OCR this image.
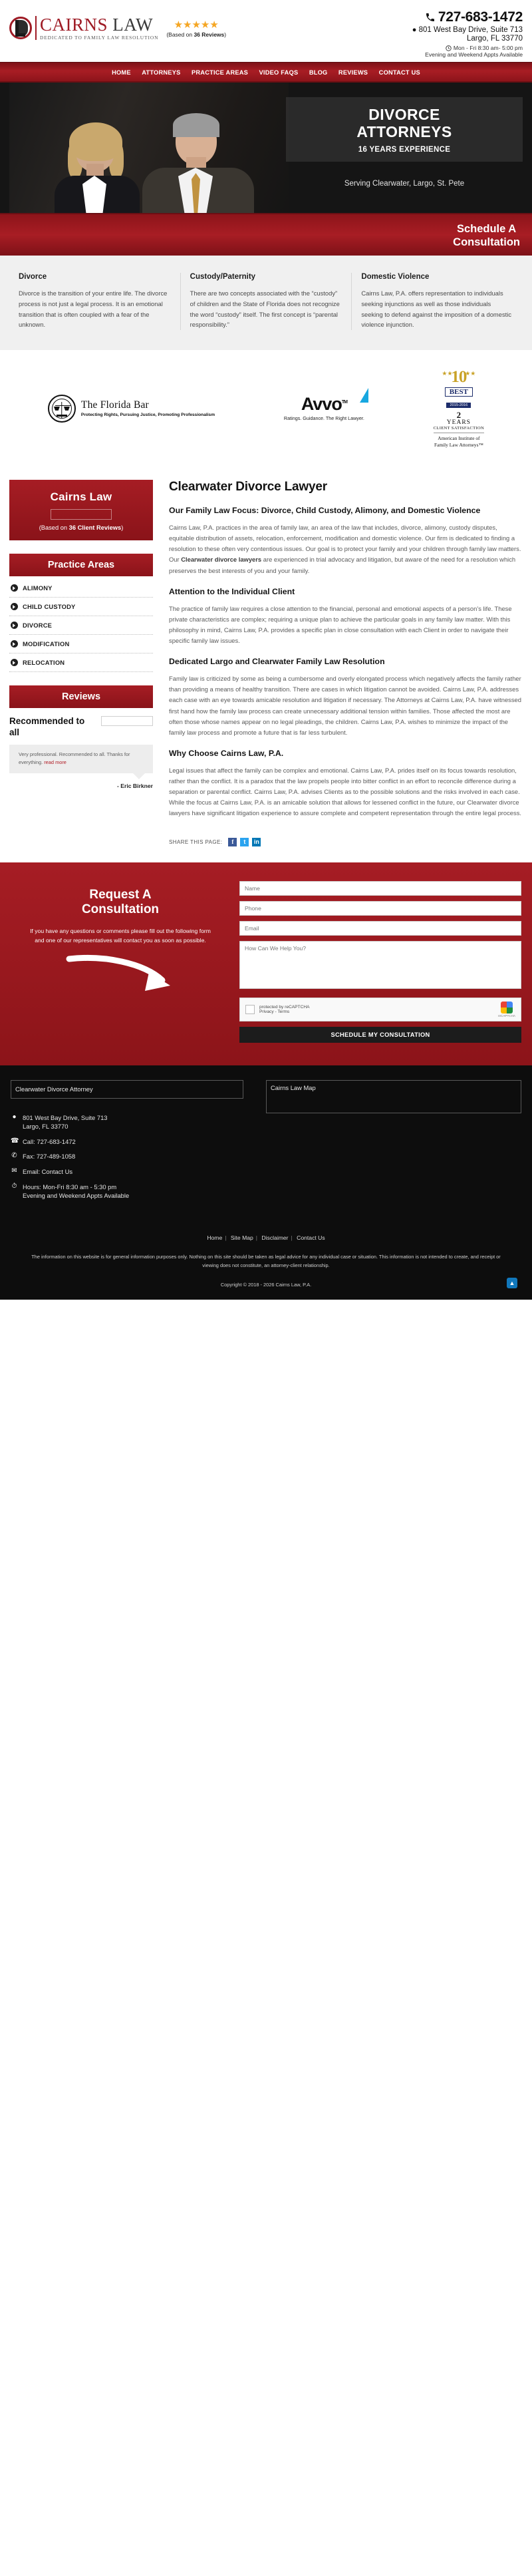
CAIRNS LAW
DEDICATED TO FAMILY LAW RESOLUTION
★★★★★
(Based on 36 Reviews)
727-683-1472
● 801 West Bay Drive, Suite 713
Largo, FL 33770
Mon - Fri 8:30 am- 5:00 pm
Evening and Weekend Appts Available
HOME ATTORNEYS PRACTICE AREAS VIDEO FAQS BLOG REVIEWS CONTACT US
DIVORCE
ATTORNEYS
16 YEARS EXPERIENCE
Serving Clearwater, Largo, St. Pete
Schedule A
Consultation
Divorce

Divorce is the transition of your entire life. The divorce process is not just a legal process. It is an emotional transition that is often coupled with a fear of the unknown.

Custody/Paternity

There are two concepts associated with the “custody” of children and the State of Florida does not recognize the word “custody” itself. The first concept is “parental responsibility.”

Domestic Violence

Cairns Law, P.A. offers representation to individuals seeking injunctions as well as those individuals seeking to defend against the imposition of a domestic violence injunction.

The Florida Bar
Protecting Rights, Pursuing Justice, Promoting Professionalism
Avvo™
Ratings. Guidance. The Right Lawyer.
★★
10
★★
BEST
2015-2016
2
YEARS
CLIENT SATISFACTION
American Institute of
Family Law Attorneys™
Cairns Law
(Based on 36 Client Reviews)
Practice Areas
ALIMONY
CHILD CUSTODY
DIVORCE
MODIFICATION
RELOCATION
Reviews
Recommended to all

Very professional. Recommended to all. Thanks for everything. read more

- Eric Birkner
Clearwater Divorce Lawyer
Our Family Law Focus: Divorce, Child Custody, Alimony, and Domestic Violence

Cairns Law, P.A. practices in the area of family law, an area of the law that includes, divorce, alimony, custody disputes, equitable distribution of assets, relocation, enforcement, modification and domestic violence. Our firm is dedicated to finding a resolution to these often very contentious issues. Our goal is to protect your family and your children through family law matters. Our Clearwater divorce lawyers are experienced in trial advocacy and litigation, but aware of the need for a resolution which preserves the best interests of you and your family.

Attention to the Individual Client

The practice of family law requires a close attention to the financial, personal and emotional aspects of a person’s life. These private characteristics are complex; requiring a unique plan to achieve the particular goals in any family law matter. With this philosophy in mind, Cairns Law, P.A. provides a specific plan in close consultation with each Client in order to navigate their specific family law issues.

Dedicated Largo and Clearwater Family Law Resolution

Family law is criticized by some as being a cumbersome and overly elongated process which negatively affects the family rather than providing a means of healthy transition. There are cases in which litigation cannot be avoided. Cairns Law, P.A. addresses each case with an eye towards amicable resolution and litigation if necessary. The Attorneys at Cairns Law, P.A. have witnessed first hand how the family law process can create unnecessary additional tension within families. Those affected the most are often those whose names appear on no legal pleadings, the children. Cairns Law, P.A. wishes to minimize the impact of the family law process and promote a future that is far less turbulent.

Why Choose Cairns Law, P.A.

Legal issues that affect the family can be complex and emotional. Cairns Law, P.A. prides itself on its focus towards resolution, rather than the conflict. It is a paradox that the law propels people into bitter conflict in an effort to reconcile difference during a separation or parental conflict. Cairns Law, P.A. advises Clients as to the possible solutions and the risks involved in each case. While the focus at Cairns Law, P.A. is an amicable solution that allows for lessened conflict in the future, our Clearwater divorce lawyers have significant litigation experience to assure complete and competent representation through the entire legal process.

SHARE THIS PAGE:	f	t	in
Request A
Consultation

If you have any questions or comments please fill out the following form and one of our representatives will contact you as soon as possible.

Name Phone Email How Can We Help You?
protected by reCAPTCHA
Privacy - Terms
reCAPTCHA
SCHEDULE MY CONSULTATION
Clearwater Divorce Attorney
● 801 West Bay Drive, Suite 713
Largo, FL 33770
☎ Call: 727-683-1472
✆ Fax: 727-489-1058
✉ Email: Contact Us
⏱ Hours: Mon-Fri 8:30 am - 5:30 pm
Evening and Weekend Appts Available
Cairns Law Map
Home | Site Map | Disclaimer | Contact Us
The information on this website is for general information purposes only. Nothing on this site should be taken as legal advice for any individual case or situation. This information is not intended to create, and receipt or viewing does not constitute, an attorney-client relationship.
Copyright © 2018 - 2026 Cairns Law, P.A.	▲
